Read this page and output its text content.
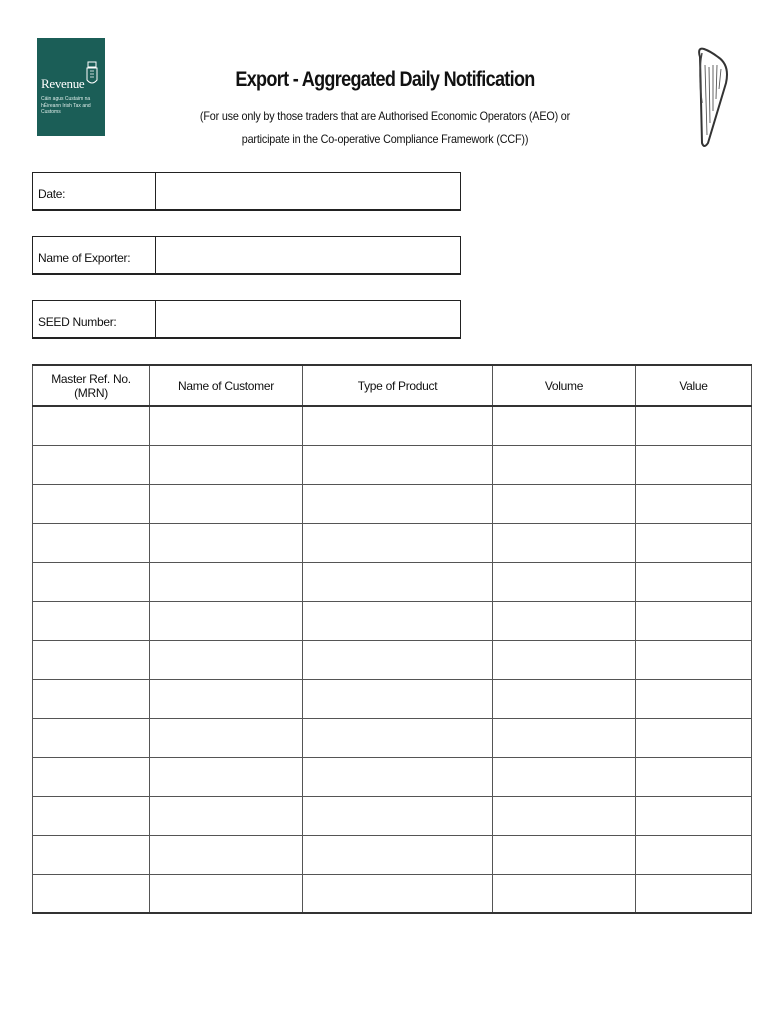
Revenue
Cáin agus Custaim na hÉireann Irish Tax and Customs
Export - Aggregated Daily Notification
(For use only by those traders that are Authorised Economic Operators (AEO) or
participate in the Co-operative Compliance Framework (CCF))
Date:
Name of Exporter:
SEED Number:
Master Ref. No. (MRN)	Name of Customer	Type of Product	Volume	Value
